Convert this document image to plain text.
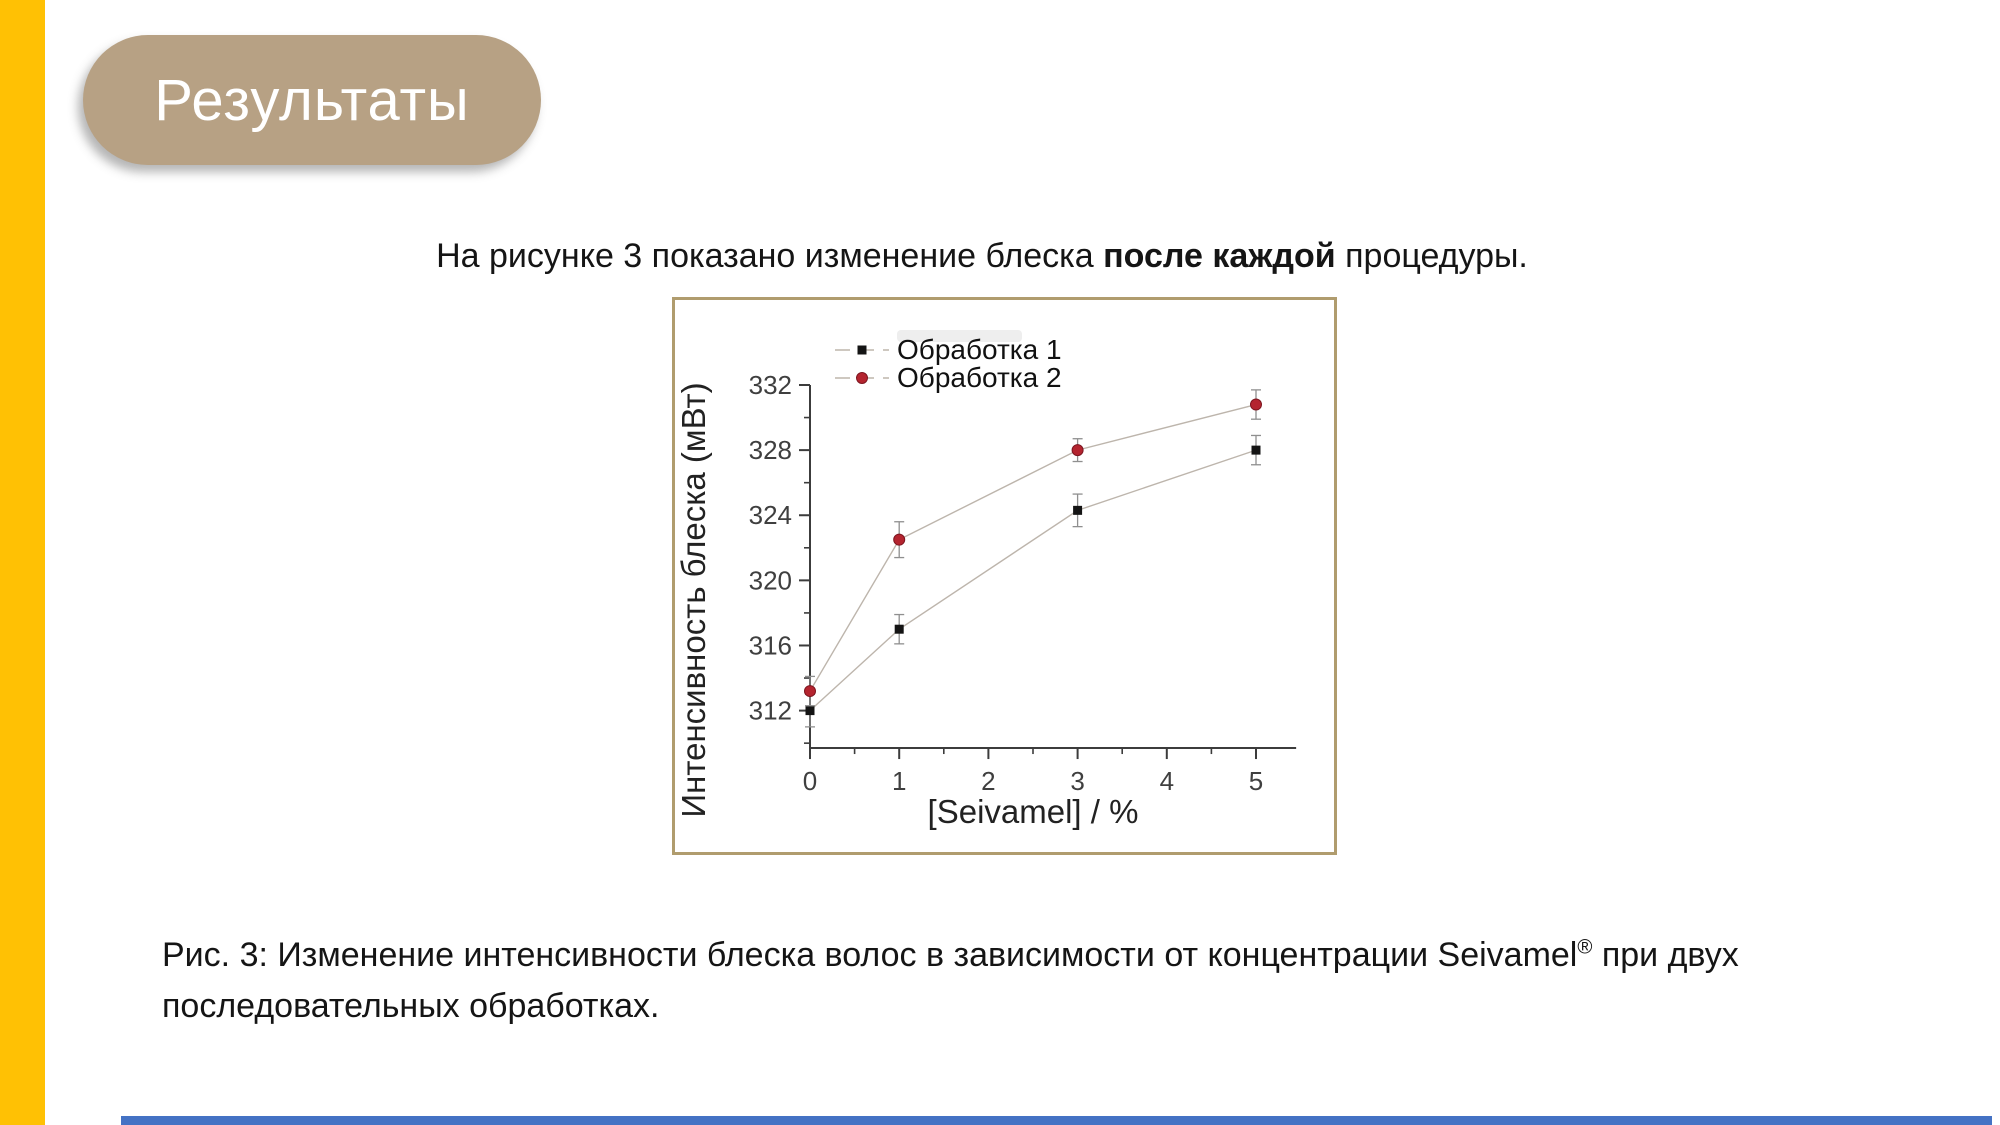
Результаты
На рисунке 3 показано изменение блеска после каждой процедуры.
312
316
320
324
328
332
0	1	2	3	4	5
[Seivamel] / %
Интенсивность блеска (мВт)
Обработка 1
Обработка 2
Рис. 3: Изменение интенсивности блеска волос в зависимости от концентрации Seivamel® при двух последовательных обработках.
